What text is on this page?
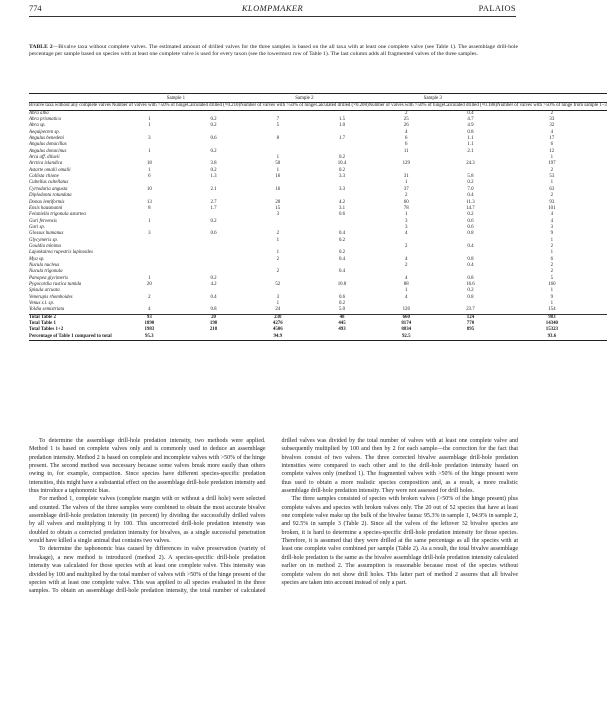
774	KLOMPMAKER	PALAIOS
TABLE 2—Bivalve taxa without complete valves. The estimated amount of drilled valves for the three samples is based on the all taxa with at least one complete valve (see Table 1). The assemblage drill-hole percentage per sample based on species with at least one complete valve is used for every taxon (see the lowermost row of Table 1). The last column adds all fragmented valves of the three samples.

	Sample 1		Sample 2		Sample 3		
Bivalve taxa without any complete valves	Number of valves with >50% of hinge	Calculated drilled (×0.210)	Number of valves with >50% of hinge	Calculated drilled (×0.208)	Number of valves with >50% of hinge	Calculated drilled (×0.188)	Number of valves with >50% of hinge from sample 1–3
Abra alba					2	0.4	2
Abra prismatica	1	0.2	7	1.5	25	4.7	33
Abra sp.	1	0.2	5	1.0	26	4.9	32
Aequipecten sp.					4	0.8	4
Angulus benedeni	3	0.6	8	1.7	6	1.1	17
Angulus donacillus					6	1.1	6
Angulus donacinus	1	0.2			11	2.1	12
Arca aff. diluvii			1	0.2			1
Arctica islandica	18	3.8	50	10.4	129	24.3	197
Astarte omalii omalii	1	0.2	1	0.2			2
Callista chione	6	1.3	16	3.3	31	5.8	53
Cultellus cultellatus					1	0.2	1
Cyrtodaria angusta	10	2.1	16	3.3	37	7.0	63
Diplodonta rotundata					2	0.4	2
Donax lentiformis	13	2.7	20	4.2	60	11.3	93
Ensis hausmanni	8	1.7	15	3.1	78	14.7	101
Felaniella trigonula astartea			3	0.6	1	0.2	4
Gari fervensis	1	0.2			3	0.6	4
Gari sp.					3	0.6	3
Glossus humanus	3	0.6	2	0.4	4	0.8	9
Glycymeris sp.			1	0.2			1
Gouldia minima					2	0.4	2
Lajonkairea rupestris lapinoides			1	0.2			1
Mya sp.			2	0.4	4	0.8	6
Nucula nucleus					2	0.4	2
Nucula trigonula			2	0.4			2
Panopea glycimeris	1	0.2			4	0.8	5
Pygocardia rustica tumida	20	4.2	52	10.8	88	16.6	160
Spisula arcuata					1	0.2	1
Venerupis rhomboides	2	0.4	3	0.6	4	0.8	9
Venus s.l. sp.			1	0.2			1
Yoldia semistriata	4	0.8	24	5.0	126	23.7	154
Total Table 2	93	20	230	48	660	124	983
Total Table 1	1890	198	4276	445	8174	770	14340
Total Tables 1+2	1983	218	4506	493	8834	895	15323
Percentage of Table 1 compared to total	95.3		94.9		92.5		93.6

To determine the assemblage drill-hole predation intensity, two methods were applied. Method 1 is based on complete valves only and is commonly used to deduce an assemblage predation intensity. Method 2 is based on complete and incomplete valves with >50% of the hinge present. The second method was necessary because some valves break more easily than others owing to, for example, compaction. Since species have different species-specific predation intensities, this might have a substantial effect on the assemblage drill-hole predation intensity and thus introduce a taphonomic bias.

For method 1, complete valves (complete margin with or without a drill hole) were selected and counted. The valves of the three samples were combined to obtain the most accurate bivalve assemblage drill-hole predation intensity (in percent) by dividing the successfully drilled valves by all valves and multiplying it by 100. This uncorrected drill-hole predation intensity was doubled to obtain a corrected predation intensity for bivalves, as a single successful penetration would have killed a single animal that contains two valves.

To determine the taphonomic bias caused by differences in valve preservation (variety of breakage), a new method is introduced (method 2). A species-specific drill-hole predation intensity was calculated for those species with at least one complete valve. This intensity was divided by 100 and multiplied by the total number of valves with >50% of the hinge present of the species with at least one complete valve. This was applied to all species evaluated in the three samples. To obtain an assemblage drill-hole predation intensity, the total number of calculated drilled valves was divided by the total number of valves with at least one complete valve and subsequently multiplied by 100 and then by 2 for each sample—the correction for the fact that bivalves consist of two valves. The three corrected bivalve assemblage drill-hole predation intensities were compared to each other and to the drill-hole predation intensity based on complete valves only (method 1). The fragmented valves with >50% of the hinge present were thus used to obtain a more realistic species composition and, as a result, a more realistic assemblage drill-hole predation intensity. They were not assessed for drill holes.

The three samples consisted of species with broken valves (>50% of the hinge present) plus complete valves and species with broken valves only. The 20 out of 52 species that have at least one complete valve make up the bulk of the bivalve fauna: 95.3% in sample 1, 94.9% in sample 2, and 92.5% in sample 3 (Table 2). Since all the valves of the leftover 32 bivalve species are broken, it is hard to determine a species-specific drill-hole predation intensity for those species. Therefore, it is assumed that they were drilled at the same percentage as all the species with at least one complete valve combined per sample (Table 2). As a result, the total bivalve assemblage drill-hole predation is the same as the bivalve assemblage drill-hole predation intensity calculated earlier on in method 2. The assumption is reasonable because most of the species without complete valves do not show drill holes. This latter part of method 2 assures that all bivalve species are taken into account instead of only a part.
